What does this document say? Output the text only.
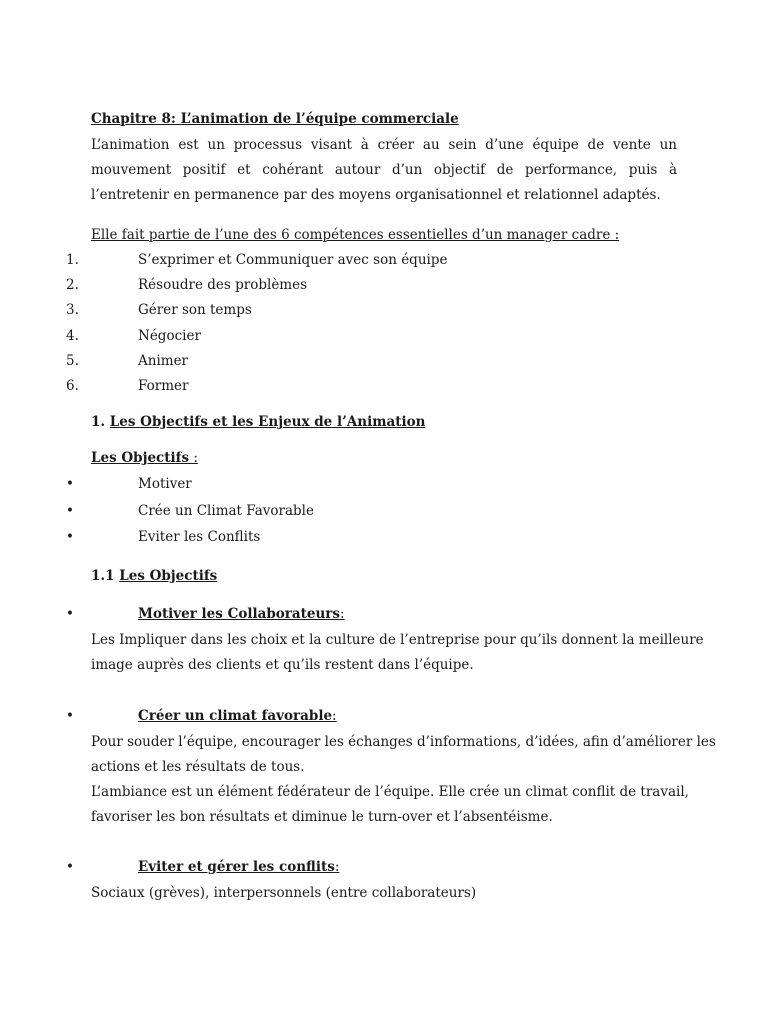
Chapitre 8: L’animation de l’équipe commerciale
L’animation est un processus visant à créer au sein d’une équipe de vente un mouvement positif et cohérant autour d’un objectif de performance, puis à l’entretenir en permanence par des moyens organisationnel et relationnel adaptés.
Elle fait partie de l’une des 6 compétences essentielles d’un manager cadre :
1.	S’exprimer et Communiquer avec son équipe
2.	Résoudre des problèmes
3.	Gérer son temps
4.	Négocier
5.	Animer
6.	Former
1. Les Objectifs et les Enjeux de l’Animation
Les Objectifs :
•	Motiver
•	Crée un Climat Favorable
•	Eviter les Conflits
1.1 Les Objectifs
•	Motiver les Collaborateurs:
Les Impliquer dans les choix et la culture de l’entreprise pour qu’ils donnent la meilleure
image auprès des clients et qu’ils restent dans l’équipe.
•	Créer un climat favorable:
Pour souder l’équipe, encourager les échanges d’informations, d’idées, afin d’améliorer les
actions et les résultats de tous.
L’ambiance est un élément fédérateur de l’équipe. Elle crée un climat conflit de travail,
favoriser les bon résultats et diminue le turn-over et l’absentéisme.
•	Eviter et gérer les conflits:
Sociaux (grèves), interpersonnels (entre collaborateurs)
